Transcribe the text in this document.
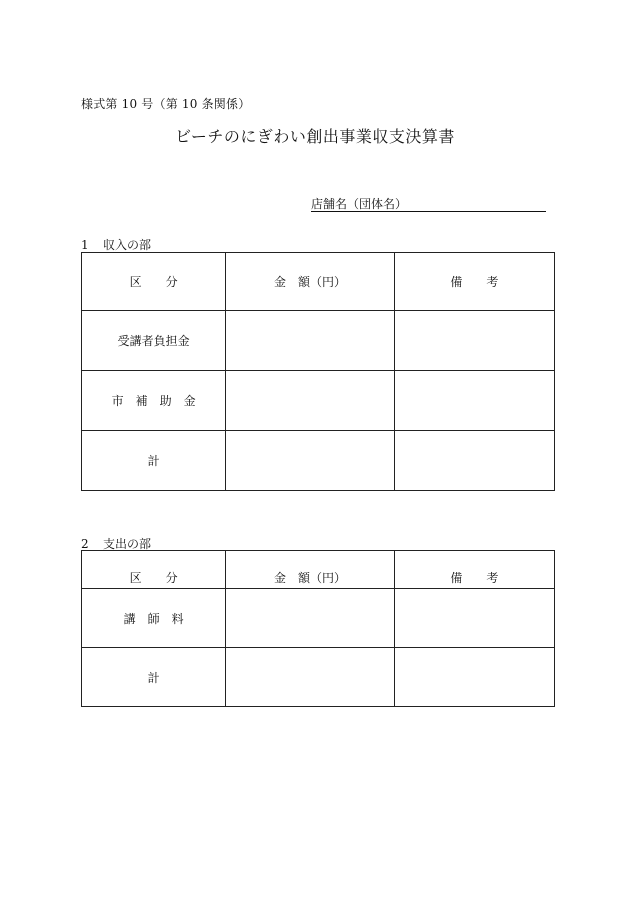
様式第 10 号（第 10 条関係）
ビーチのにぎわい創出事業収支決算書
店舗名（団体名）
1 収入の部
区　　分	金　額（円）	備　　考
受講者負担金		
市　補　助　金		
計		
2 支出の部
区　　分	金　額（円）	備　　考
講　師　料		
計		
